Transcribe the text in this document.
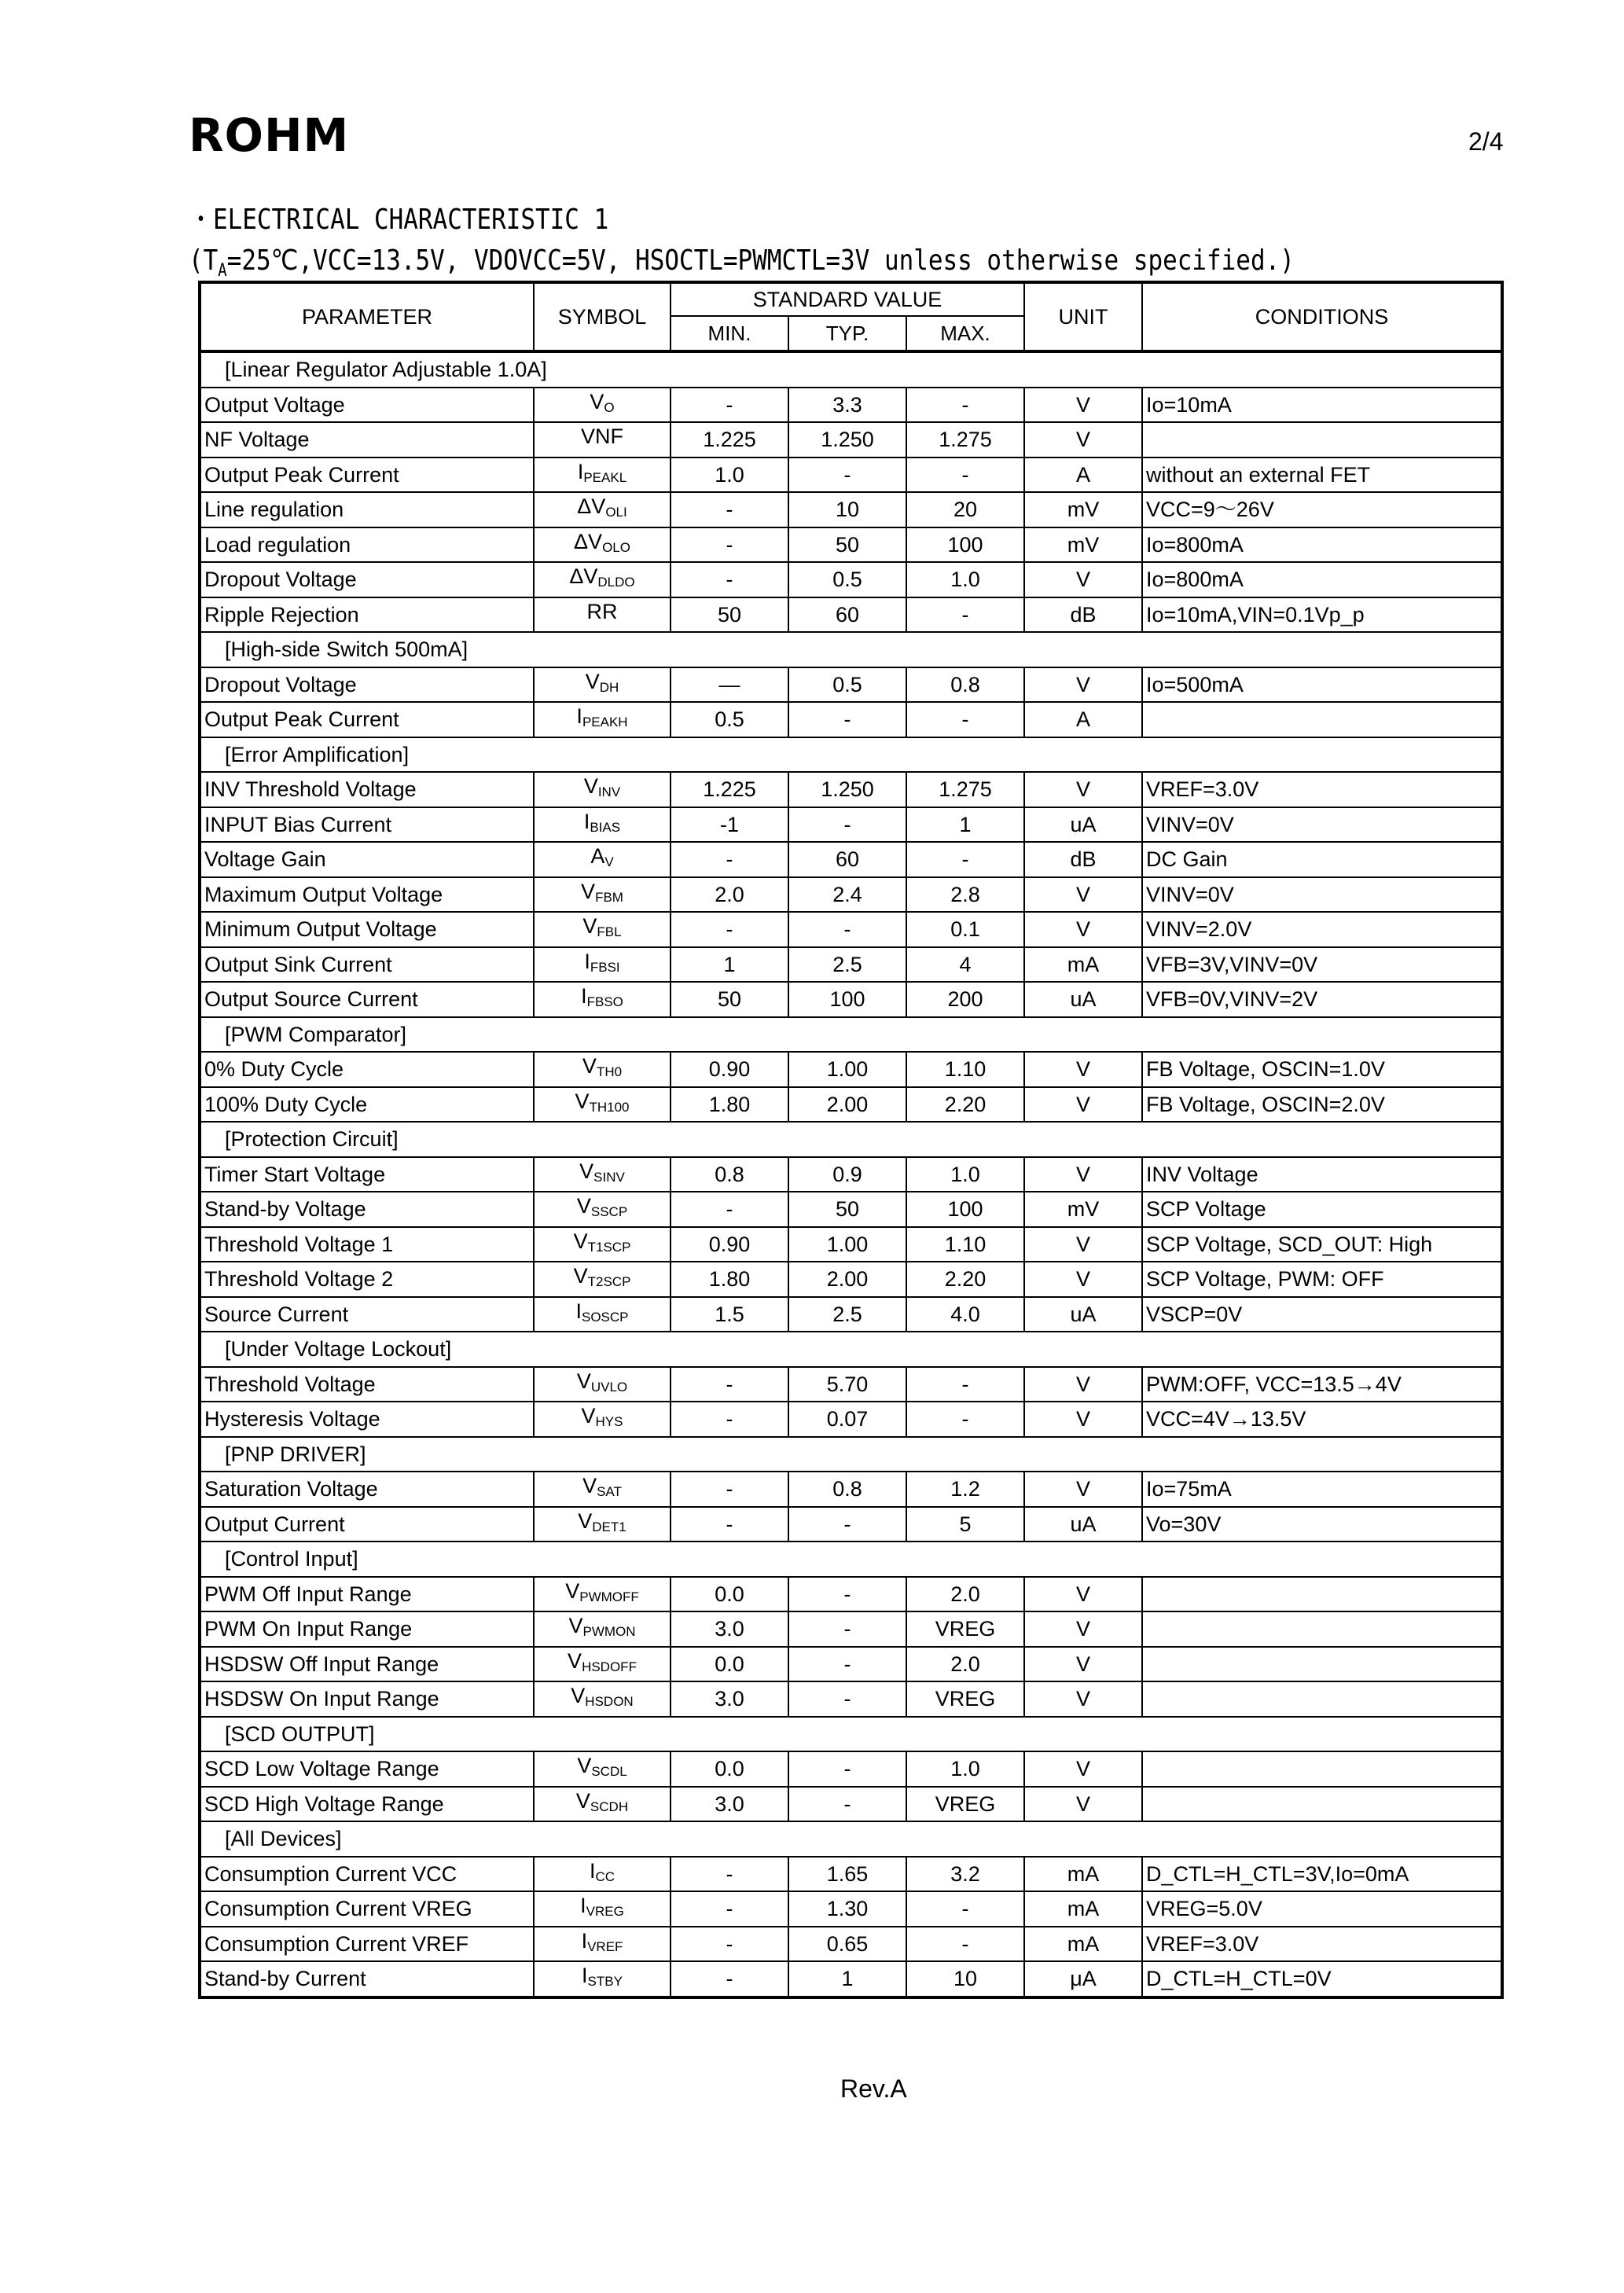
ROHM	2/4
・ELECTRICAL CHARACTERISTIC 1
($T_A=25℃,VCC=13.5V$, VDOVCC=5V, HSOCTL=PWMCTL=3V unless otherwise specified.)
PARAMETER	SYMBOL	STANDARD VALUE			UNIT	CONDITIONS
		MIN.	TYP.	MAX.		
[Linear Regulator Adjustable 1.0A]						
Output Voltage	$V_O$	-	3.3	-	V	Io=10mA
NF Voltage	VNF	1.225	1.250	1.275	V	
Output Peak Current	$I_{PEAKL}$	1.0	-	-	A	without an external FET
Line regulation	$\Delta V_{OLI}$	-	10	20	mV	VCC=9～26V
Load regulation	$\Delta V_{OLO}$	-	50	100	mV	Io=800mA
Dropout Voltage	$\Delta V_{DLDO}$	-	0.5	1.0	V	Io=800mA
Ripple Rejection	RR	50	60	-	dB	Io=10mA,VIN=0.1Vp_p
[High-side Switch 500mA]						
Dropout Voltage	$V_{DH}$	―	0.5	0.8	V	Io=500mA
Output Peak Current	$I_{PEAKH}$	0.5	-	-	A	
[Error Amplification]						
INV Threshold Voltage	$V_{INV}$	1.225	1.250	1.275	V	VREF=3.0V
INPUT Bias Current	$I_{BIAS}$	-1	-	1	uA	VINV=0V
Voltage Gain	$A_V$	-	60	-	dB	DC Gain
Maximum Output Voltage	$V_{FBM}$	2.0	2.4	2.8	V	VINV=0V
Minimum Output Voltage	$V_{FBL}$	-	-	0.1	V	VINV=2.0V
Output Sink Current	$I_{FBSI}$	1	2.5	4	mA	VFB=3V,VINV=0V
Output Source Current	$I_{FBSO}$	50	100	200	uA	VFB=0V,VINV=2V
[PWM Comparator]						
0% Duty Cycle	$V_{TH0}$	0.90	1.00	1.10	V	FB Voltage, OSCIN=1.0V
100% Duty Cycle	$V_{TH100}$	1.80	2.00	2.20	V	FB Voltage, OSCIN=2.0V
[Protection Circuit]						
Timer Start Voltage	$V_{SINV}$	0.8	0.9	1.0	V	INV Voltage
Stand-by Voltage	$V_{SSCP}$	-	50	100	mV	SCP Voltage
Threshold Voltage 1	$V_{T1SCP}$	0.90	1.00	1.10	V	SCP Voltage, SCD_OUT: High
Threshold Voltage 2	$V_{T2SCP}$	1.80	2.00	2.20	V	SCP Voltage, PWM: OFF
Source Current	$I_{SOSCP}$	1.5	2.5	4.0	uA	VSCP=0V
[Under Voltage Lockout]						
Threshold Voltage	$V_{UVLO}$	-	5.70	-	V	PWM:OFF, VCC=13.5→4V
Hysteresis Voltage	$V_{HYS}$	-	0.07	-	V	VCC=4V→13.5V
[PNP DRIVER]						
Saturation Voltage	$V_{SAT}$	-	0.8	1.2	V	Io=75mA
Output Current	$V_{DET1}$	-	-	5	uA	Vo=30V
[Control Input]						
PWM Off Input Range	$V_{PWMOFF}$	0.0	-	2.0	V	
PWM On Input Range	$V_{PWMON}$	3.0	-	VREG	V	
HSDSW Off Input Range	$V_{HSDOFF}$	0.0	-	2.0	V	
HSDSW On Input Range	$V_{HSDON}$	3.0	-	VREG	V	
[SCD OUTPUT]						
SCD Low Voltage Range	$V_{SCDL}$	0.0	-	1.0	V	
SCD High Voltage Range	$V_{SCDH}$	3.0	-	VREG	V	
[All Devices]						
Consumption Current VCC	$I_{CC}$	-	1.65	3.2	mA	D_CTL=H_CTL=3V,Io=0mA
Consumption Current VREG	$I_{VREG}$	-	1.30	-	mA	VREG=5.0V
Consumption Current VREF	$I_{VREF}$	-	0.65	-	mA	VREF=3.0V
Stand-by Current	$I_{STBY}$	-	1	10	μA	D_CTL=H_CTL=0V
Rev.A
